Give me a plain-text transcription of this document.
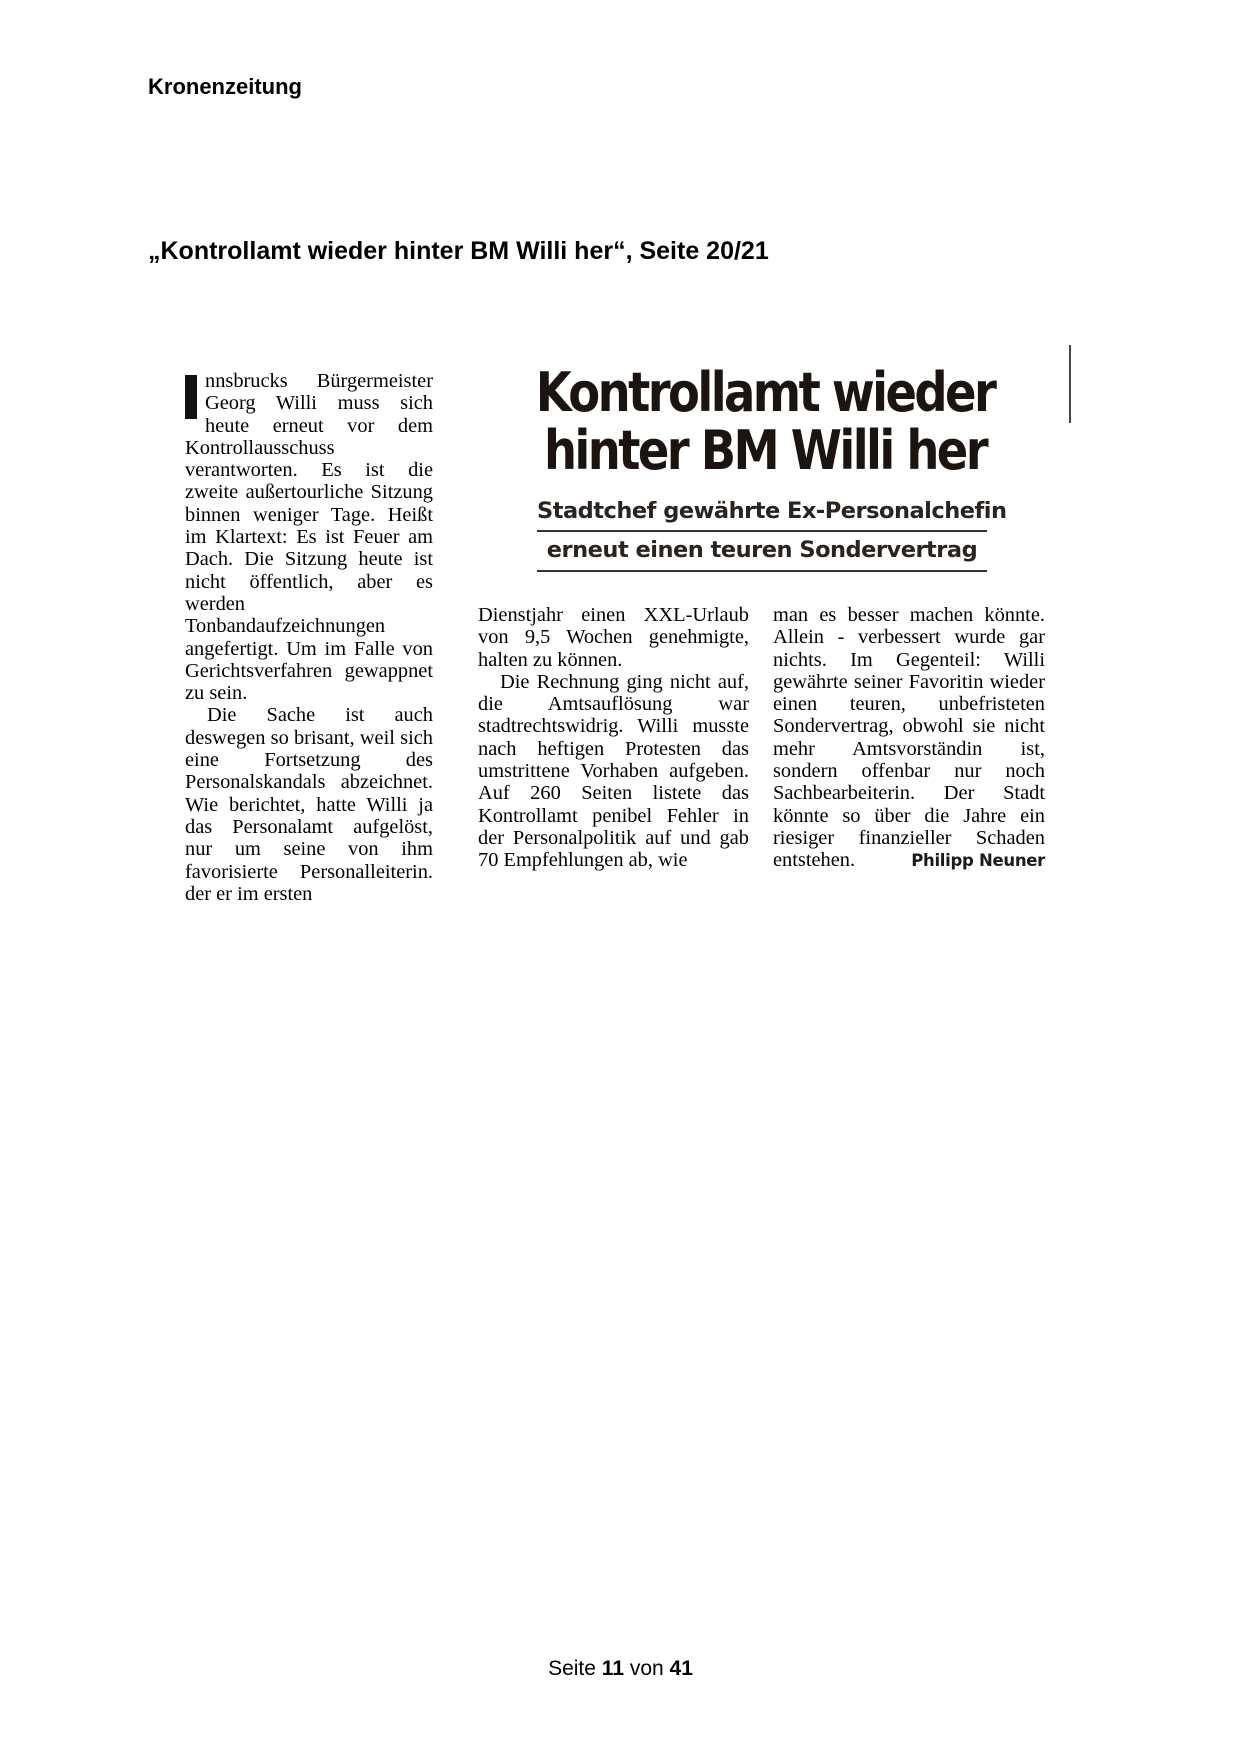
Kronenzeitung
„Kontrollamt wieder hinter BM Willi her“, Seite 20/21

nnsbrucks Bürgermeister Georg Willi muss sich heute erneut vor dem Kontrollausschuss verantworten. Es ist die zweite außertourliche Sitzung binnen weniger Tage. Heißt im Klartext: Es ist Feuer am Dach. Die Sitzung heute ist nicht öffentlich, aber es werden Tonbandaufzeichnungen angefertigt. Um im Falle von Gerichtsverfahren gewappnet zu sein.

Die Sache ist auch deswegen so brisant, weil sich eine Fortsetzung des Personalskandals abzeichnet. Wie berichtet, hatte Willi ja das Personalamt aufgelöst, nur um seine von ihm favorisierte Personalleiterin. der er im ersten

Kontrollamt wieder
hinter BM Willi her
Stadtchef gewährte Ex-Personalchefin
erneut einen teuren Sondervertrag

Dienstjahr einen XXL-Urlaub von 9,5 Wochen genehmigte, halten zu können.

Die Rechnung ging nicht auf, die Amtsauflösung war stadtrechtswidrig. Willi musste nach heftigen Protesten das umstrittene Vorhaben aufgeben. Auf 260 Seiten listete das Kontrollamt penibel Fehler in der Personalpolitik auf und gab 70 Empfehlungen ab, wie

man es besser machen könnte. Allein - verbessert wurde gar nichts. Im Gegenteil: Willi gewährte seiner Favoritin wieder einen teuren, unbefristeten Sondervertrag, obwohl sie nicht mehr Amtsvorständin ist, sondern offenbar nur noch Sachbearbeiterin. Der Stadt könnte so über die Jahre ein riesiger finanzieller Schaden entstehen.	Philipp Neuner

Seite 11 von 41
